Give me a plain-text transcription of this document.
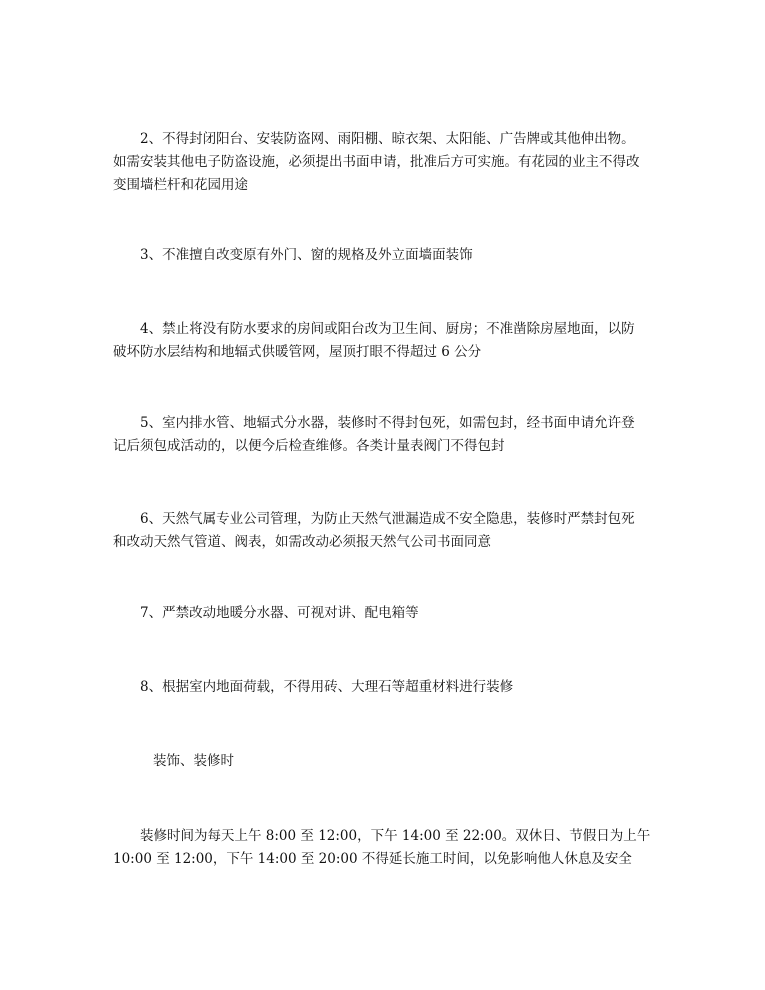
2、不得封闭阳台、安装防盗网、雨阳棚、晾衣架、太阳能、广告牌或其他伸出物。
如需安装其他电子防盗设施，必须提出书面申请，批准后方可实施。有花园的业主不得改
变围墙栏杆和花园用途

3、不准擅自改变原有外门、窗的规格及外立面墙面装饰

4、禁止将没有防水要求的房间或阳台改为卫生间、厨房；不准凿除房屋地面，以防
破坏防水层结构和地辐式供暖管网，屋顶打眼不得超过 6 公分

5、室内排水管、地辐式分水器，装修时不得封包死，如需包封，经书面申请允许登
记后须包成活动的，以便今后检查维修。各类计量表阀门不得包封

6、天然气属专业公司管理，为防止天然气泄漏造成不安全隐患，装修时严禁封包死
和改动天然气管道、阀表，如需改动必须报天然气公司书面同意

7、严禁改动地暖分水器、可视对讲、配电箱等

8、根据室内地面荷载，不得用砖、大理石等超重材料进行装修

装饰、装修时

装修时间为每天上午 8:00 至 12:00，下午 14:00 至 22:00。双休日、节假日为上午
10:00 至 12:00，下午 14:00 至 20:00 不得延长施工时间，以免影响他人休息及安全
